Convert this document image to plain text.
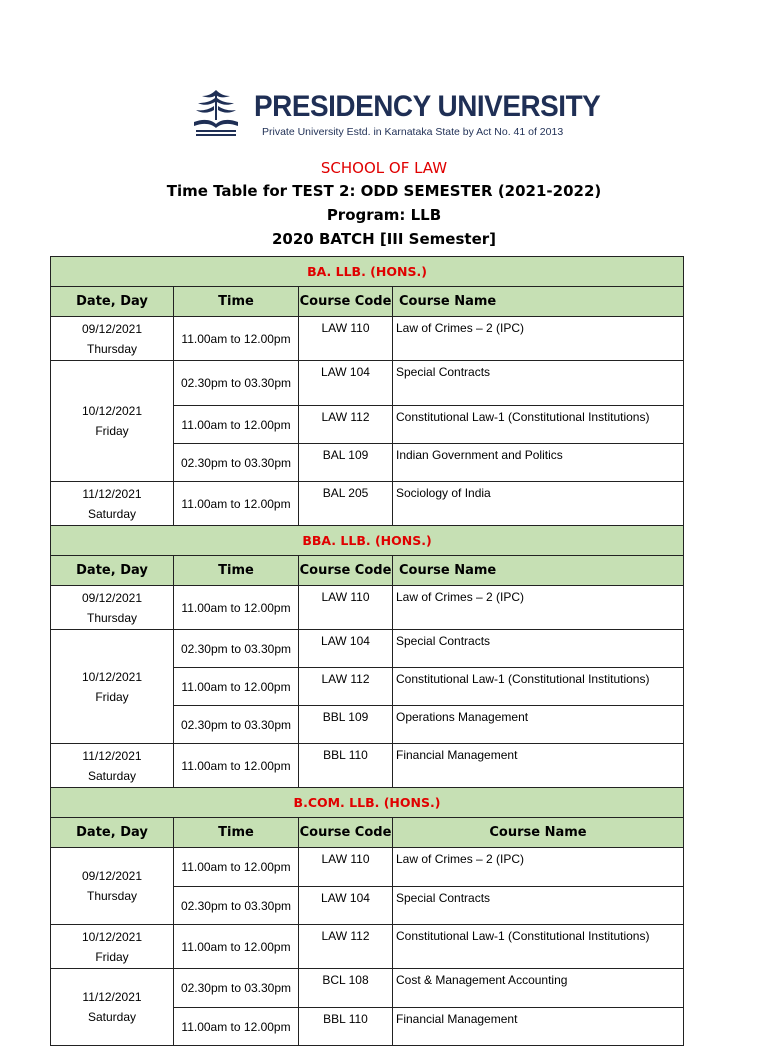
PRESIDENCY UNIVERSITY
Private University Estd. in Karnataka State by Act No. 41 of 2013
SCHOOL OF LAW
Time Table for TEST 2: ODD SEMESTER (2021-2022)
Program: LLB
2020 BATCH [III Semester]
BA. LLB. (HONS.)			
Date, Day	Time	Course Code	Course Name

09/12/2021
Thursday	11.00am to 12.00pm	LAW 110	Law of Crimes – 2 (IPC)

10/12/2021
Friday	02.30pm to 03.30pm	LAW 104	Special Contracts
	11.00am to 12.00pm	LAW 112	Constitutional Law-1 (Constitutional Institutions)
	02.30pm to 03.30pm	BAL 109	Indian Government and Politics

11/12/2021
Saturday	11.00am to 12.00pm	BAL 205	Sociology of India
BBA. LLB. (HONS.)			
Date, Day	Time	Course Code	Course Name

09/12/2021
Thursday	11.00am to 12.00pm	LAW 110	Law of Crimes – 2 (IPC)

10/12/2021
Friday	02.30pm to 03.30pm	LAW 104	Special Contracts
	11.00am to 12.00pm	LAW 112	Constitutional Law-1 (Constitutional Institutions)
	02.30pm to 03.30pm	BBL 109	Operations Management

11/12/2021
Saturday	11.00am to 12.00pm	BBL 110	Financial Management
B.COM. LLB. (HONS.)			
Date, Day	Time	Course Code	Course Name

09/12/2021
Thursday	11.00am to 12.00pm	LAW 110	Law of Crimes – 2 (IPC)
	02.30pm to 03.30pm	LAW 104	Special Contracts

10/12/2021
Friday	11.00am to 12.00pm	LAW 112	Constitutional Law-1 (Constitutional Institutions)

11/12/2021
Saturday	02.30pm to 03.30pm	BCL 108	Cost & Management Accounting
	11.00am to 12.00pm	BBL 110	Financial Management
